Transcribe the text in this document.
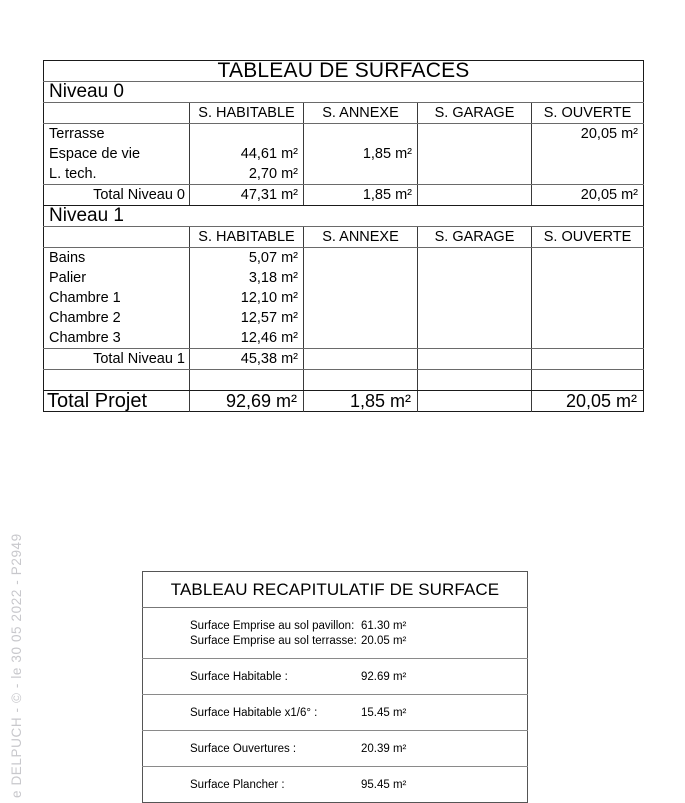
e DELPUCH - © - le 30 05 2022 - P2949
TABLEAU DE SURFACES				
Niveau 0				
	S. HABITABLE	S. ANNEXE	S. GARAGE	S. OUVERTE
Terrasse				20,05 m²
Espace de vie	44,61 m²	1,85 m²		
L. tech.	2,70 m²			
Total Niveau 0	47,31 m²	1,85 m²		20,05 m²
Niveau 1				
	S. HABITABLE	S. ANNEXE	S. GARAGE	S. OUVERTE
Bains	5,07 m²			
Palier	3,18 m²			
Chambre 1	12,10 m²			
Chambre 2	12,57 m²			
Chambre 3	12,46 m²			
Total Niveau 1	45,38 m²			

Total Projet	92,69 m²	1,85 m²		20,05 m²
TABLEAU RECAPITULATIF DE SURFACE

Surface Emprise au sol pavillon: 61.30 m²
Surface Emprise au sol terrasse: 20.05 m²

Surface Habitable :	92.69 m²

Surface Habitable x1/6° :	15.45 m²

Surface Ouvertures :	20.39 m²

Surface Plancher :	95.45 m²
